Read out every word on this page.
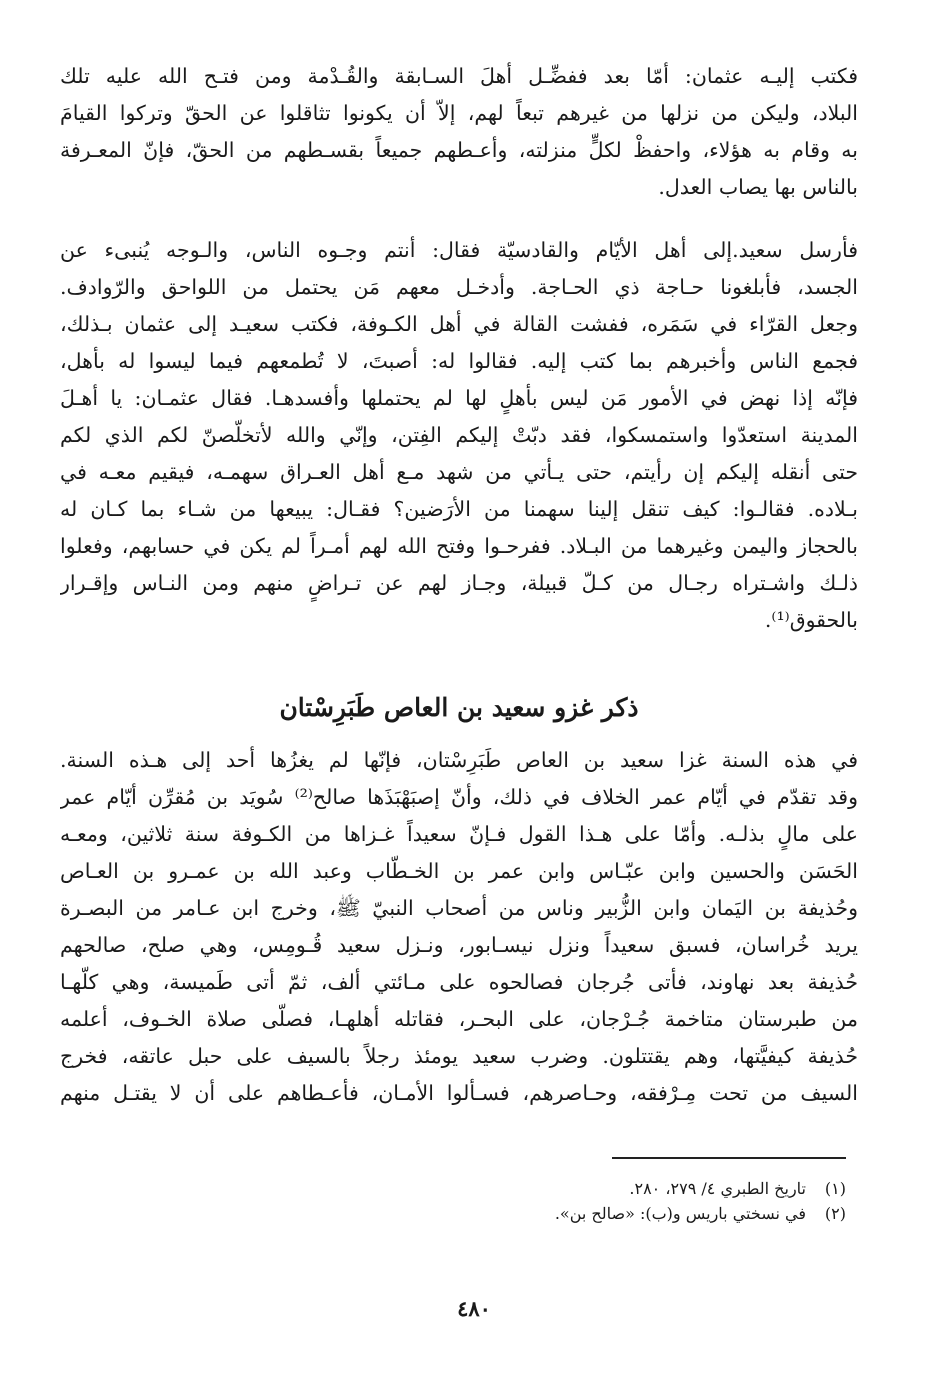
فكتب إليـه عثمان: أمّا بعد ففضِّـل أهلَ السـابقة والقُـدْمة ومن فتـح الله عليه تلك
البلاد، وليكن من نزلها من غيرهم تبعاً لهم، إلاّ أن يكونوا تثاقلوا عن الحقّ وتركوا القيامَ
به وقام به هؤلاء، واحفظْ لكلٍّ منزلته، وأعـطهم جميعاً بقسـطهم من الحقّ، فإنّ المعـرفة
بالناس بها يصاب العدل.
فأرسل سعيد.إلى أهل الأيّام والقادسيّة فقال: أنتم وجـوه الناس، والـوجه يُنبىء عن
الجسد، فأبلغونا حـاجة ذي الحـاجة. وأدخـل معهم مَن يحتمل من اللواحق والرّوادف.
وجعل القرّاء في سَمَره، ففشت القالة في أهل الكـوفة، فكتب سعيـد إلى عثمان بـذلك،
فجمع الناس وأخبرهم بما كتب إليه. فقالوا له: أصبتَ، لا تُطمعهم فيما ليسوا له بأهل،
فإنّه إذا نهض في الأمور مَن ليس بأهلٍ لها لم يحتملها وأفسدهـا. فقال عثمـان: يا أهـلَ
المدينة استعدّوا واستمسكوا، فقد دبّتْ إليكم الفِتن، وإنّي والله لأتخلّصنّ لكم الذي لكم
حتى أنقله إليكم إن رأيتم، حتى يـأتي من شهد مـع أهل العـراق سهمـه، فيقيم معـه في
بـلاده. فقالـوا: كيف تنقل إلينا سهمنا من الأرَضين؟ فقـال: يبيعها من شـاء بما كـان له
بالحجاز واليمن وغيرهما من البـلاد. ففرحـوا وفتح الله لهم أمـراً لم يكن في حسابهم، وفعلوا
ذلـك واشـتراه رجـال من كـلّ قبيلة، وجـاز لهم عن تـراضٍ منهم ومن النـاس وإقـرار
بالحقوق⁽¹⁾.
ذكر غزو سعيد بن العاص طَبَرِسْتان
في هذه السنة غزا سعيد بن العاص طَبَرِسْتان، فإنّها لم يغزُها أحد إلى هـذه السنة.
وقد تقدّم في أيّام عمر الخلاف في ذلك، وأنّ إصبَهْبَذَها صالح⁽²⁾ سُويَد بن مُقرِّن أيّام عمر
على مالٍ بذلـه. وأمّا على هـذا القول فـإنّ سعيداً غـزاها من الكـوفة سنة ثلاثين، ومعـه
الحَسَن والحسين وابن عبّـاس وابن عمر بن الخـطّاب وعبد الله بن عمـرو بن العـاص
وحُذيفة بن اليَمان وابن الزُّبير وناس من أصحاب النبيّ ﷺ، وخرج ابن عـامر من البصـرة
يريد خُراسان، فسبق سعيداً ونزل نيسـابور، ونـزل سعيد قُـومِس، وهي صلح، صالحهم
حُذيفة بعد نهاوند، فأتى جُرجان فصالحوه على مـائتي ألف، ثمّ أتى طَميسة، وهي كلّهـا
من طبرستان متاخمة جُـرْجان، على البحـر، فقاتله أهلهـا، فصلّى صلاة الخـوف، أعلمه
حُذيفة كيفيَّتها، وهم يقتتلون. وضرب سعيد يومئذ رجلاً بالسيف على حبل عاتقه، فخرج
السيف من تحت مِـرْفقه، وحـاصرهم، فسـألوا الأمـان، فأعـطاهم على أن لا يقتـل منهم
(١)
تاريخ الطبري ٤/ ٢٧٩، ٢٨٠.
(٢)
في نسختي باريس و(ب): «صالح بن».
٤٨٠
